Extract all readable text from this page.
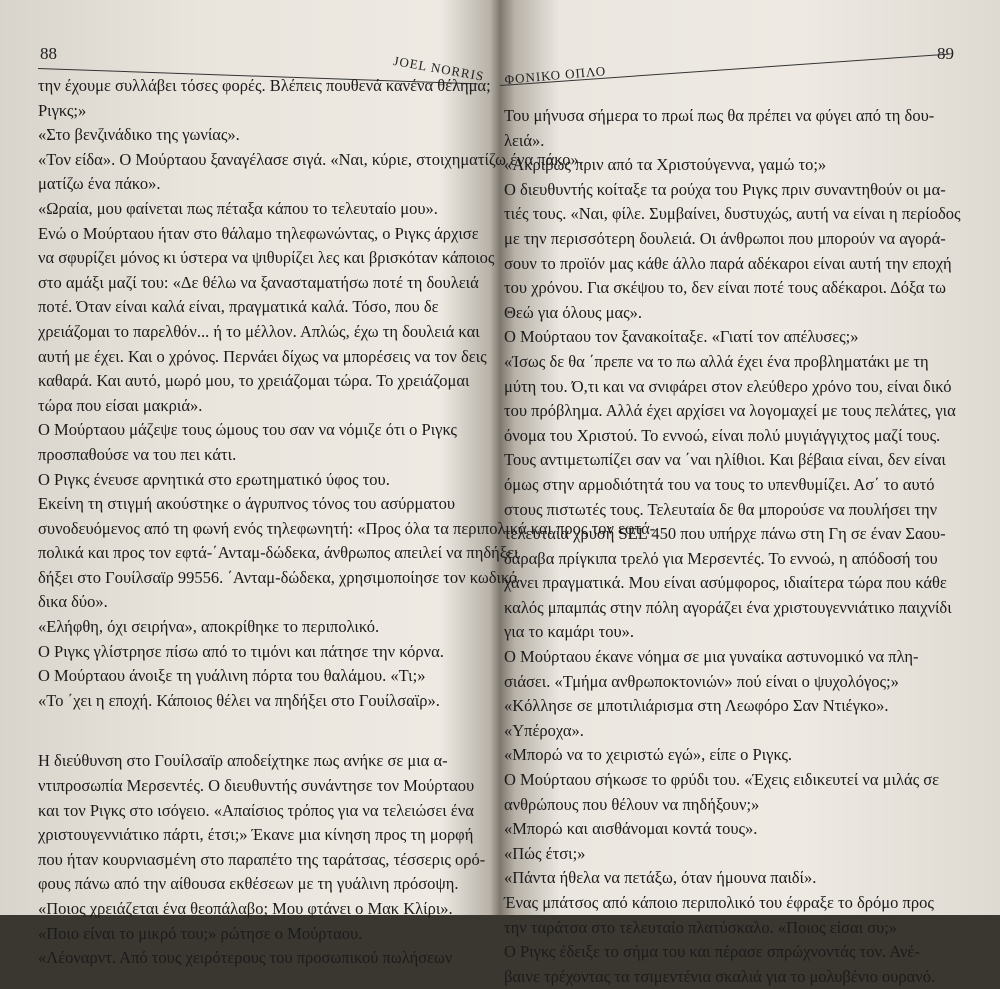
88	JOEL NORRIS
την έχουμε συλλάβει τόσες φορές. Βλέπεις πουθενά κανένα θέλημα;
Ριγκς;»
«Στο βενζινάδικο της γωνίας».
«Τον είδα». Ο Μούρταου ξαναγέλασε σιγά. «Ναι, κύριε, στοιχηματίζω ένα πάκο».
ματίζω ένα πάκο».
«Ωραία, μου φαίνεται πως πέταξα κάπου το τελευταίο μου».
Ενώ ο Μούρταου ήταν στο θάλαμο τηλεφωνώντας, ο Ριγκς άρχισε
να σφυρίζει μόνος κι ύστερα να ψιθυρίζει λες και βρισκόταν κάποιος
στο αμάξι μαζί του: «Δε θέλω να ξανασταματήσω ποτέ τη δουλειά
ποτέ. Όταν είναι καλά είναι, πραγματικά καλά. Τόσο, που δε
χρειάζομαι το παρελθόν... ή το μέλλον. Απλώς, έχω τη δουλειά και
αυτή με έχει. Και ο χρόνος. Περνάει δίχως να μπορέσεις να τον δεις
καθαρά. Και αυτό, μωρό μου, το χρειάζομαι τώρα. Το χρειάζομαι
τώρα που είσαι μακριά».
Ο Μούρταου μάζεψε τους ώμους του σαν να νόμιζε ότι ο Ριγκς
προσπαθούσε να του πει κάτι.
Ο Ριγκς ένευσε αρνητικά στο ερωτηματικό ύφος του.
Εκείνη τη στιγμή ακούστηκε ο άγρυπνος τόνος του ασύρματου
συνοδευόμενος από τη φωνή ενός τηλεφωνητή: «Προς όλα τα περιπολικά και προς τον εφτά-
πολικά και προς τον εφτά-΄Ανταμ-δώδεκα, άνθρωπος απειλεί να πηδήξει
δήξει στο Γουίλσαϊρ 99556. ΄Ανταμ-δώδεκα, χρησιμοποίησε τον κωδικό
δικα δύο».
«Ελήφθη, όχι σειρήνα», αποκρίθηκε το περιπολικό.
Ο Ριγκς γλίστρησε πίσω από το τιμόνι και πάτησε την κόρνα.
Ο Μούρταου άνοιξε τη γυάλινη πόρτα του θαλάμου. «Τι;»
«Το ΄χει η εποχή. Κάποιος θέλει να πηδήξει στο Γουίλσαϊρ».
Η διεύθυνση στο Γουίλσαϊρ αποδείχτηκε πως ανήκε σε μια α-
ντιπροσωπία Μερσεντές. Ο διευθυντής συνάντησε τον Μούρταου
και τον Ριγκς στο ισόγειο. «Απαίσιος τρόπος για να τελειώσει ένα
χριστουγεννιάτικο πάρτι, έτσι;» Έκανε μια κίνηση προς τη μορφή
που ήταν κουρνιασμένη στο παραπέτο της ταράτσας, τέσσερις ορό-
φους πάνω από την αίθουσα εκθέσεων με τη γυάλινη πρόσοψη.
«Ποιος χρειάζεται ένα θεοπάλαβο; Μου φτάνει ο Μακ Κλίρι».
«Ποιο είναι το μικρό του;» ρώτησε ο Μούρταου.
«Λέοναρντ. Από τους χειρότερους του προσωπικού πωλήσεων
89
ΦΟΝΙΚΟ ΟΠΛΟ
Του μήνυσα σήμερα το πρωί πως θα πρέπει να φύγει από τη δου-
λειά».
«Ακριβώς πριν από τα Χριστούγεννα, γαμώ το;»
Ο διευθυντής κοίταξε τα ρούχα του Ριγκς πριν συναντηθούν οι μα-
τιές τους. «Ναι, φίλε. Συμβαίνει, δυστυχώς, αυτή να είναι η περίοδος
με την περισσότερη δουλειά. Οι άνθρωποι που μπορούν να αγορά-
σουν το προϊόν μας κάθε άλλο παρά αδέκαροι είναι αυτή την εποχή
του χρόνου. Για σκέψου το, δεν είναι ποτέ τους αδέκαροι. Δόξα τω
Θεώ για όλους μας».
Ο Μούρταου τον ξανακοίταξε. «Γιατί τον απέλυσες;»
«Ίσως δε θα ΄πρεπε να το πω αλλά έχει ένα προβληματάκι με τη
μύτη του. Ό,τι και να σνιφάρει στον ελεύθερο χρόνο του, είναι δικό
του πρόβλημα. Αλλά έχει αρχίσει να λογομαχεί με τους πελάτες, για
όνομα του Χριστού. Το εννοώ, είναι πολύ μυγιάγγιχτος μαζί τους.
Τους αντιμετωπίζει σαν να ΄ναι ηλίθιοι. Και βέβαια είναι, δεν είναι
όμως στην αρμοδιότητά του να τους το υπενθυμίζει. Ασ΄ το αυτό
στους πιστωτές τους. Τελευταία δε θα μπορούσε να πουλήσει την
τελευταία χρυσή SEL 450 που υπήρχε πάνω στη Γη σε έναν Σαου-
δάραβα πρίγκιπα τρελό για Μερσεντές. Το εννοώ, η απόδοσή του
χάνει πραγματικά. Μου είναι ασύμφορος, ιδιαίτερα τώρα που κάθε
καλός μπαμπάς στην πόλη αγοράζει ένα χριστουγεννιάτικο παιχνίδι
για το καμάρι του».
Ο Μούρταου έκανε νόημα σε μια γυναίκα αστυνομικό να πλη-
σιάσει. «Τμήμα ανθρωποκτονιών» πού είναι ο ψυχολόγος;»
«Κόλλησε σε μποτιλιάρισμα στη Λεωφόρο Σαν Ντιέγκο».
«Υπέροχα».
«Μπορώ να το χειριστώ εγώ», είπε ο Ριγκς.
Ο Μούρταου σήκωσε το φρύδι του. «Έχεις ειδικευτεί να μιλάς σε
ανθρώπους που θέλουν να πηδήξουν;»
«Μπορώ και αισθάνομαι κοντά τους».
«Πώς έτσι;»
«Πάντα ήθελα να πετάξω, όταν ήμουνα παιδί».
Ένας μπάτσος από κάποιο περιπολικό του έφραξε το δρόμο προς
την ταράτσα στο τελευταίο πλατύσκαλο. «Ποιος είσαι συ;»
Ο Ριγκς έδειξε το σήμα του και πέρασε σπρώχνοντάς τον. Ανέ-
βαινε τρέχοντας τα τσιμεντένια σκαλιά για το μολυβένιο ουρανό.
